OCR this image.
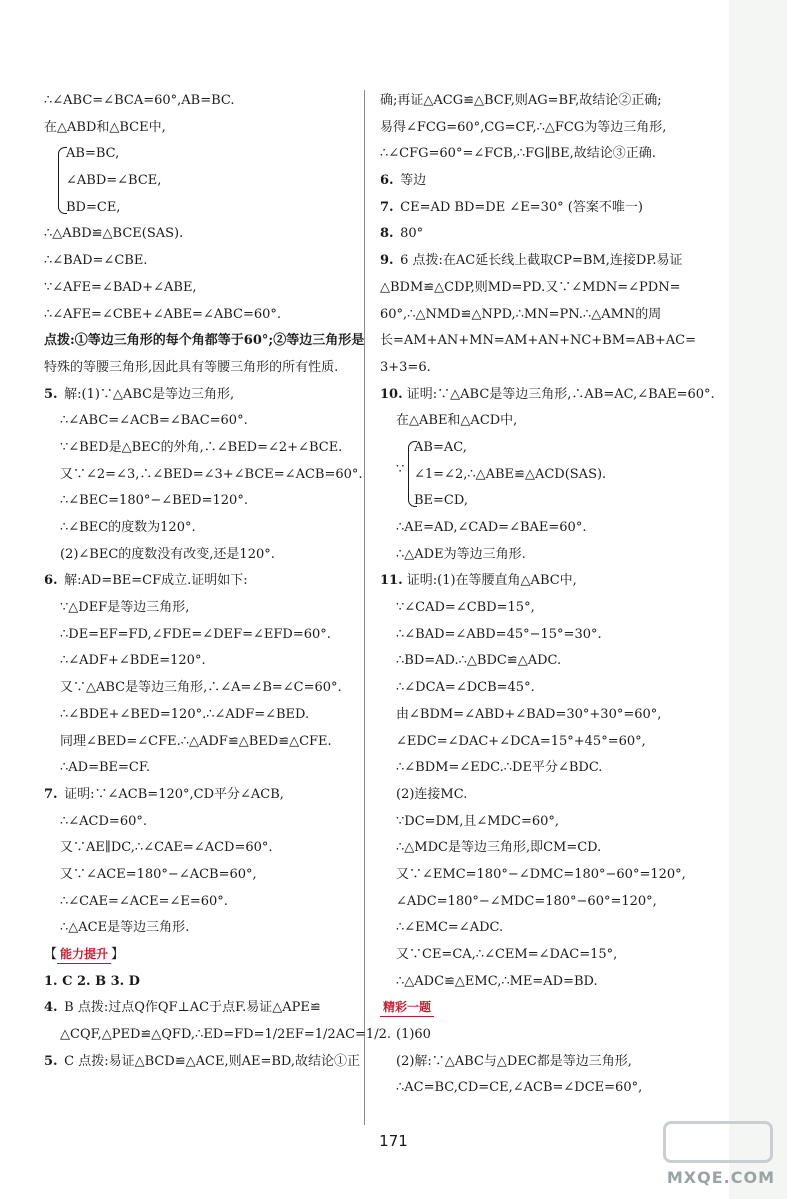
∴∠ABC=∠BCA=60°,AB=BC.
在△ABD和△BCE中,
AB=BC,
∠ABD=∠BCE,
BD=CE,
∴△ABD≌△BCE(SAS).
∴∠BAD=∠CBE.
∵∠AFE=∠BAD+∠ABE,
∴∠AFE=∠CBE+∠ABE=∠ABC=60°.
点拨:①等边三角形的每个角都等于60°;②等边三角形是
特殊的等腰三角形,因此具有等腰三角形的所有性质.
5. 解:(1)∵△ABC是等边三角形,
∴∠ABC=∠ACB=∠BAC=60°.
∵∠BED是△BEC的外角,∴∠BED=∠2+∠BCE.
又∵∠2=∠3,∴∠BED=∠3+∠BCE=∠ACB=60°.
∴∠BEC=180°−∠BED=120°.
∴∠BEC的度数为120°.
(2)∠BEC的度数没有改变,还是120°.
6. 解:AD=BE=CF成立.证明如下:
∵△DEF是等边三角形,
∴DE=EF=FD,∠FDE=∠DEF=∠EFD=60°.
∴∠ADF+∠BDE=120°.
又∵△ABC是等边三角形,∴∠A=∠B=∠C=60°.
∴∠BDE+∠BED=120°.∴∠ADF=∠BED.
同理∠BED=∠CFE.∴△ADF≌△BED≌△CFE.
∴AD=BE=CF.
7. 证明:∵∠ACB=120°,CD平分∠ACB,
∴∠ACD=60°.
又∵AE∥DC,∴∠CAE=∠ACD=60°.
又∵∠ACE=180°−∠ACB=60°,
∴∠CAE=∠ACE=∠E=60°.
∴△ACE是等边三角形.
【 能力提升 】
1. C 2. B 3. D
4. B 点拨:过点Q作QF⊥AC于点F.易证△APE≌
△CQF,△PED≌△QFD,∴ED=FD=1/2EF=1/2AC=1/2.
5. C 点拨:易证△BCD≌△ACE,则AE=BD,故结论①正
确;再证△ACG≌△BCF,则AG=BF,故结论②正确;
易得∠FCG=60°,CG=CF,∴△FCG为等边三角形,
∴∠CFG=60°=∠FCB,∴FG∥BE,故结论③正确.
6. 等边
7. CE=AD BD=DE ∠E=30° (答案不唯一)
8. 80°
9. 6 点拨:在AC延长线上截取CP=BM,连接DP.易证
△BDM≌△CDP,则MD=PD.又∵∠MDN=∠PDN=
60°,∴△NMD≌△NPD,∴MN=PN.∴△AMN的周
长=AM+AN+MN=AM+AN+NC+BM=AB+AC=
3+3=6.
10. 证明:∵△ABC是等边三角形,∴AB=AC,∠BAE=60°.
在△ABE和△ACD中,
∵
AB=AC,
∠1=∠2,∴△ABE≌△ACD(SAS).
BE=CD,
∴AE=AD,∠CAD=∠BAE=60°.
∴△ADE为等边三角形.
11. 证明:(1)在等腰直角△ABC中,
∵∠CAD=∠CBD=15°,
∴∠BAD=∠ABD=45°−15°=30°.
∴BD=AD.∴△BDC≌△ADC.
∴∠DCA=∠DCB=45°.
由∠BDM=∠ABD+∠BAD=30°+30°=60°,
∠EDC=∠DAC+∠DCA=15°+45°=60°,
∴∠BDM=∠EDC.∴DE平分∠BDC.
(2)连接MC.
∵DC=DM,且∠MDC=60°,
∴△MDC是等边三角形,即CM=CD.
又∵∠EMC=180°−∠DMC=180°−60°=120°,
∠ADC=180°−∠MDC=180°−60°=120°,
∴∠EMC=∠ADC.
又∵CE=CA,∴∠CEM=∠DAC=15°,
∴△ADC≌△EMC,∴ME=AD=BD.
精彩一题
(1)60
(2)解:∵△ABC与△DEC都是等边三角形,
∴AC=BC,CD=CE,∠ACB=∠DCE=60°,
171
MXQE.COM
